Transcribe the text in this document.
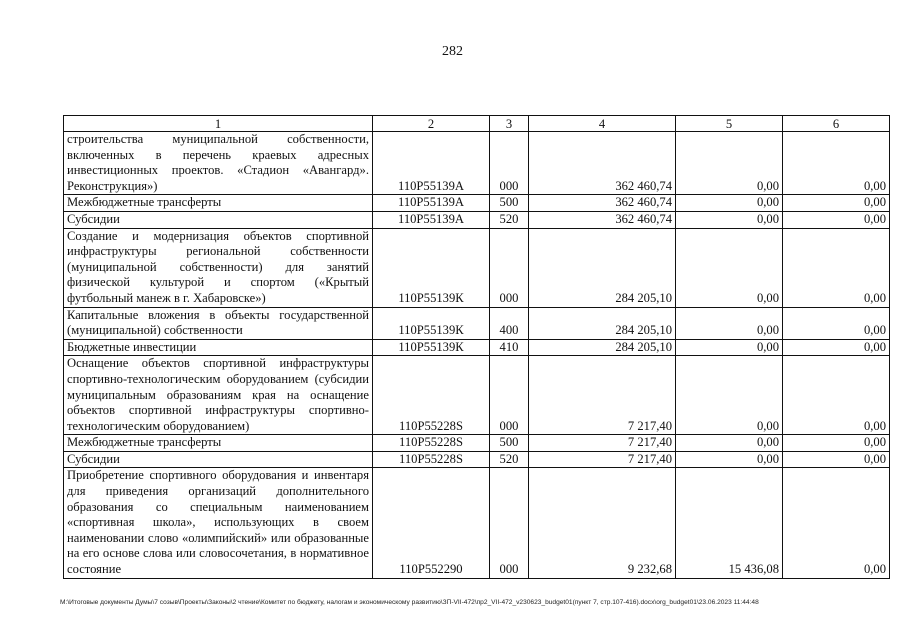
282
1	2	3	4	5	6
строительства муниципальной собственности, включенных в перечень краевых адресных инвестиционных проектов. «Стадион «Авангард». Реконструкция»)	110Р55139А	000	362 460,74	0,00	0,00
Межбюджетные трансферты	110Р55139А	500	362 460,74	0,00	0,00
Субсидии	110Р55139А	520	362 460,74	0,00	0,00
Создание и модернизация объектов спортивной инфраструктуры региональной собственности (муниципальной собственности) для занятий физической культурой и спортом («Крытый футбольный манеж в г. Хабаровске»)	110Р55139К	000	284 205,10	0,00	0,00
Капитальные вложения в объекты государственной (муниципальной) собственности	110Р55139К	400	284 205,10	0,00	0,00
Бюджетные инвестиции	110Р55139К	410	284 205,10	0,00	0,00
Оснащение объектов спортивной инфраструктуры спортивно-технологическим оборудованием (субсидии муниципальным образованиям края на оснащение объектов спортивной инфраструктуры спортивно-технологическим оборудованием)	110Р55228S	000	7 217,40	0,00	0,00
Межбюджетные трансферты	110Р55228S	500	7 217,40	0,00	0,00
Субсидии	110Р55228S	520	7 217,40	0,00	0,00
Приобретение спортивного оборудования и инвентаря для приведения организаций дополнительного образования со специальным наименованием «спортивная школа», использующих в своем наименовании слово «олимпийский» или образованные на его основе слова или словосочетания, в нормативное состояние	110Р552290	000	9 232,68	15 436,08	0,00
M:\Итоговые документы Думы\7 созыв\Проекты\Законы\2 чтение\Комитет по бюджету, налогам и экономическому развитию\ЗП-VII-472\пр2_VII-472_v230623_budget01(пункт 7, стр.107-416).docx\org_budget01\23.06.2023 11:44:48
